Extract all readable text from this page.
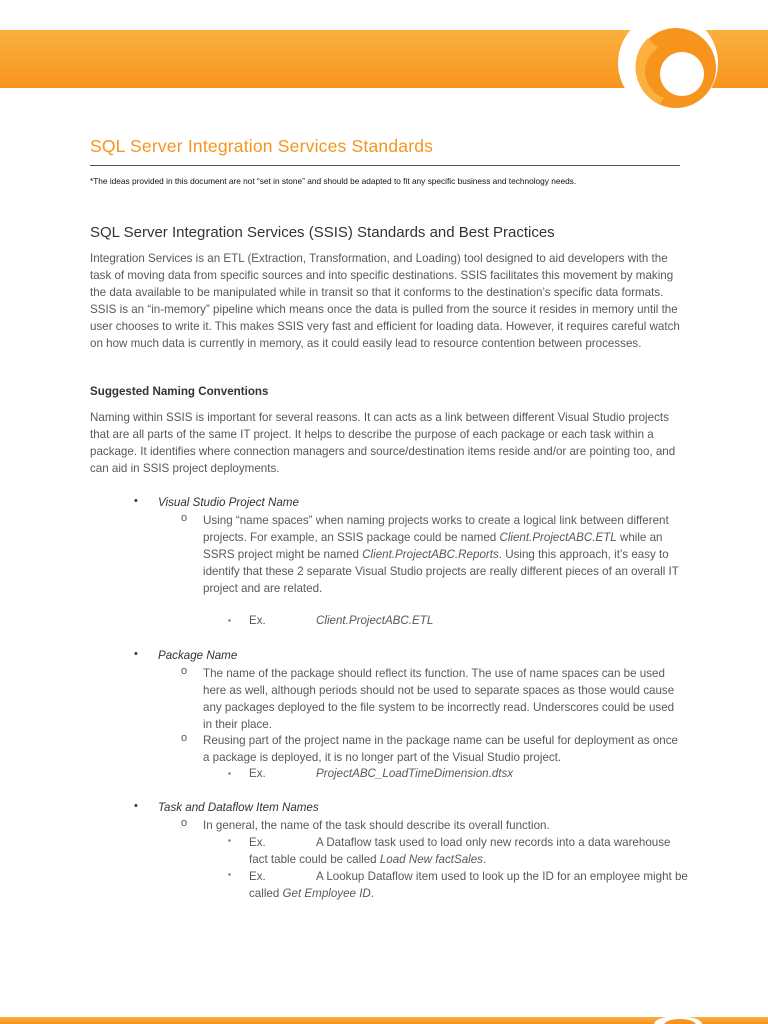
SQL Server Integration Services Standards
*The ideas provided in this document are not “set in stone” and should be adapted to fit any specific business and technology needs.
SQL Server Integration Services (SSIS) Standards and Best Practices

Integration Services is an ETL (Extraction, Transformation, and Loading) tool designed to aid developers with the task of moving data from specific sources and into specific destinations. SSIS facilitates this movement by making the data available to be manipulated while in transit so that it conforms to the destination’s specific data formats. SSIS is an “in-memory” pipeline which means once the data is pulled from the source it resides in memory until the user chooses to write it. This makes SSIS very fast and efficient for loading data. However, it requires careful watch on how much data is currently in memory, as it could easily lead to resource contention between processes.

Suggested Naming Conventions

Naming within SSIS is important for several reasons. It can acts as a link between different Visual Studio projects that are all parts of the same IT project. It helps to describe the purpose of each package or each task within a package. It identifies where connection managers and source/destination items reside and/or are pointing too, and can aid in SSIS project deployments.

• Visual Studio Project Name
o Using “name spaces” when naming projects works to create a logical link between different projects. For example, an SSIS package could be named Client.ProjectABC.ETL while an SSRS project might be named Client.ProjectABC.Reports. Using this approach, it’s easy to identify that these 2 separate Visual Studio projects are really different pieces of an overall IT project and are related.

▪ Ex.	Client.ProjectABC.ETL
• Package Name
o The name of the package should reflect its function. The use of name spaces can be used here as well, although periods should not be used to separate spaces as those would cause any packages deployed to the file system to be incorrectly read. Underscores could be used in their place.

o Reusing part of the project name in the package name can be useful for deployment as once a package is deployed, it is no longer part of the Visual Studio project.

▪ Ex.	ProjectABC_LoadTimeDimension.dtsx
• Task and Dataflow Item Names
o In general, the name of the task should describe its overall function.

▪ Ex.	A Dataflow task used to load only new records into a data warehouse fact table could be called Load New factSales.

▪ Ex.	A Lookup Dataflow item used to look up the ID for an employee might be called Get Employee ID.
